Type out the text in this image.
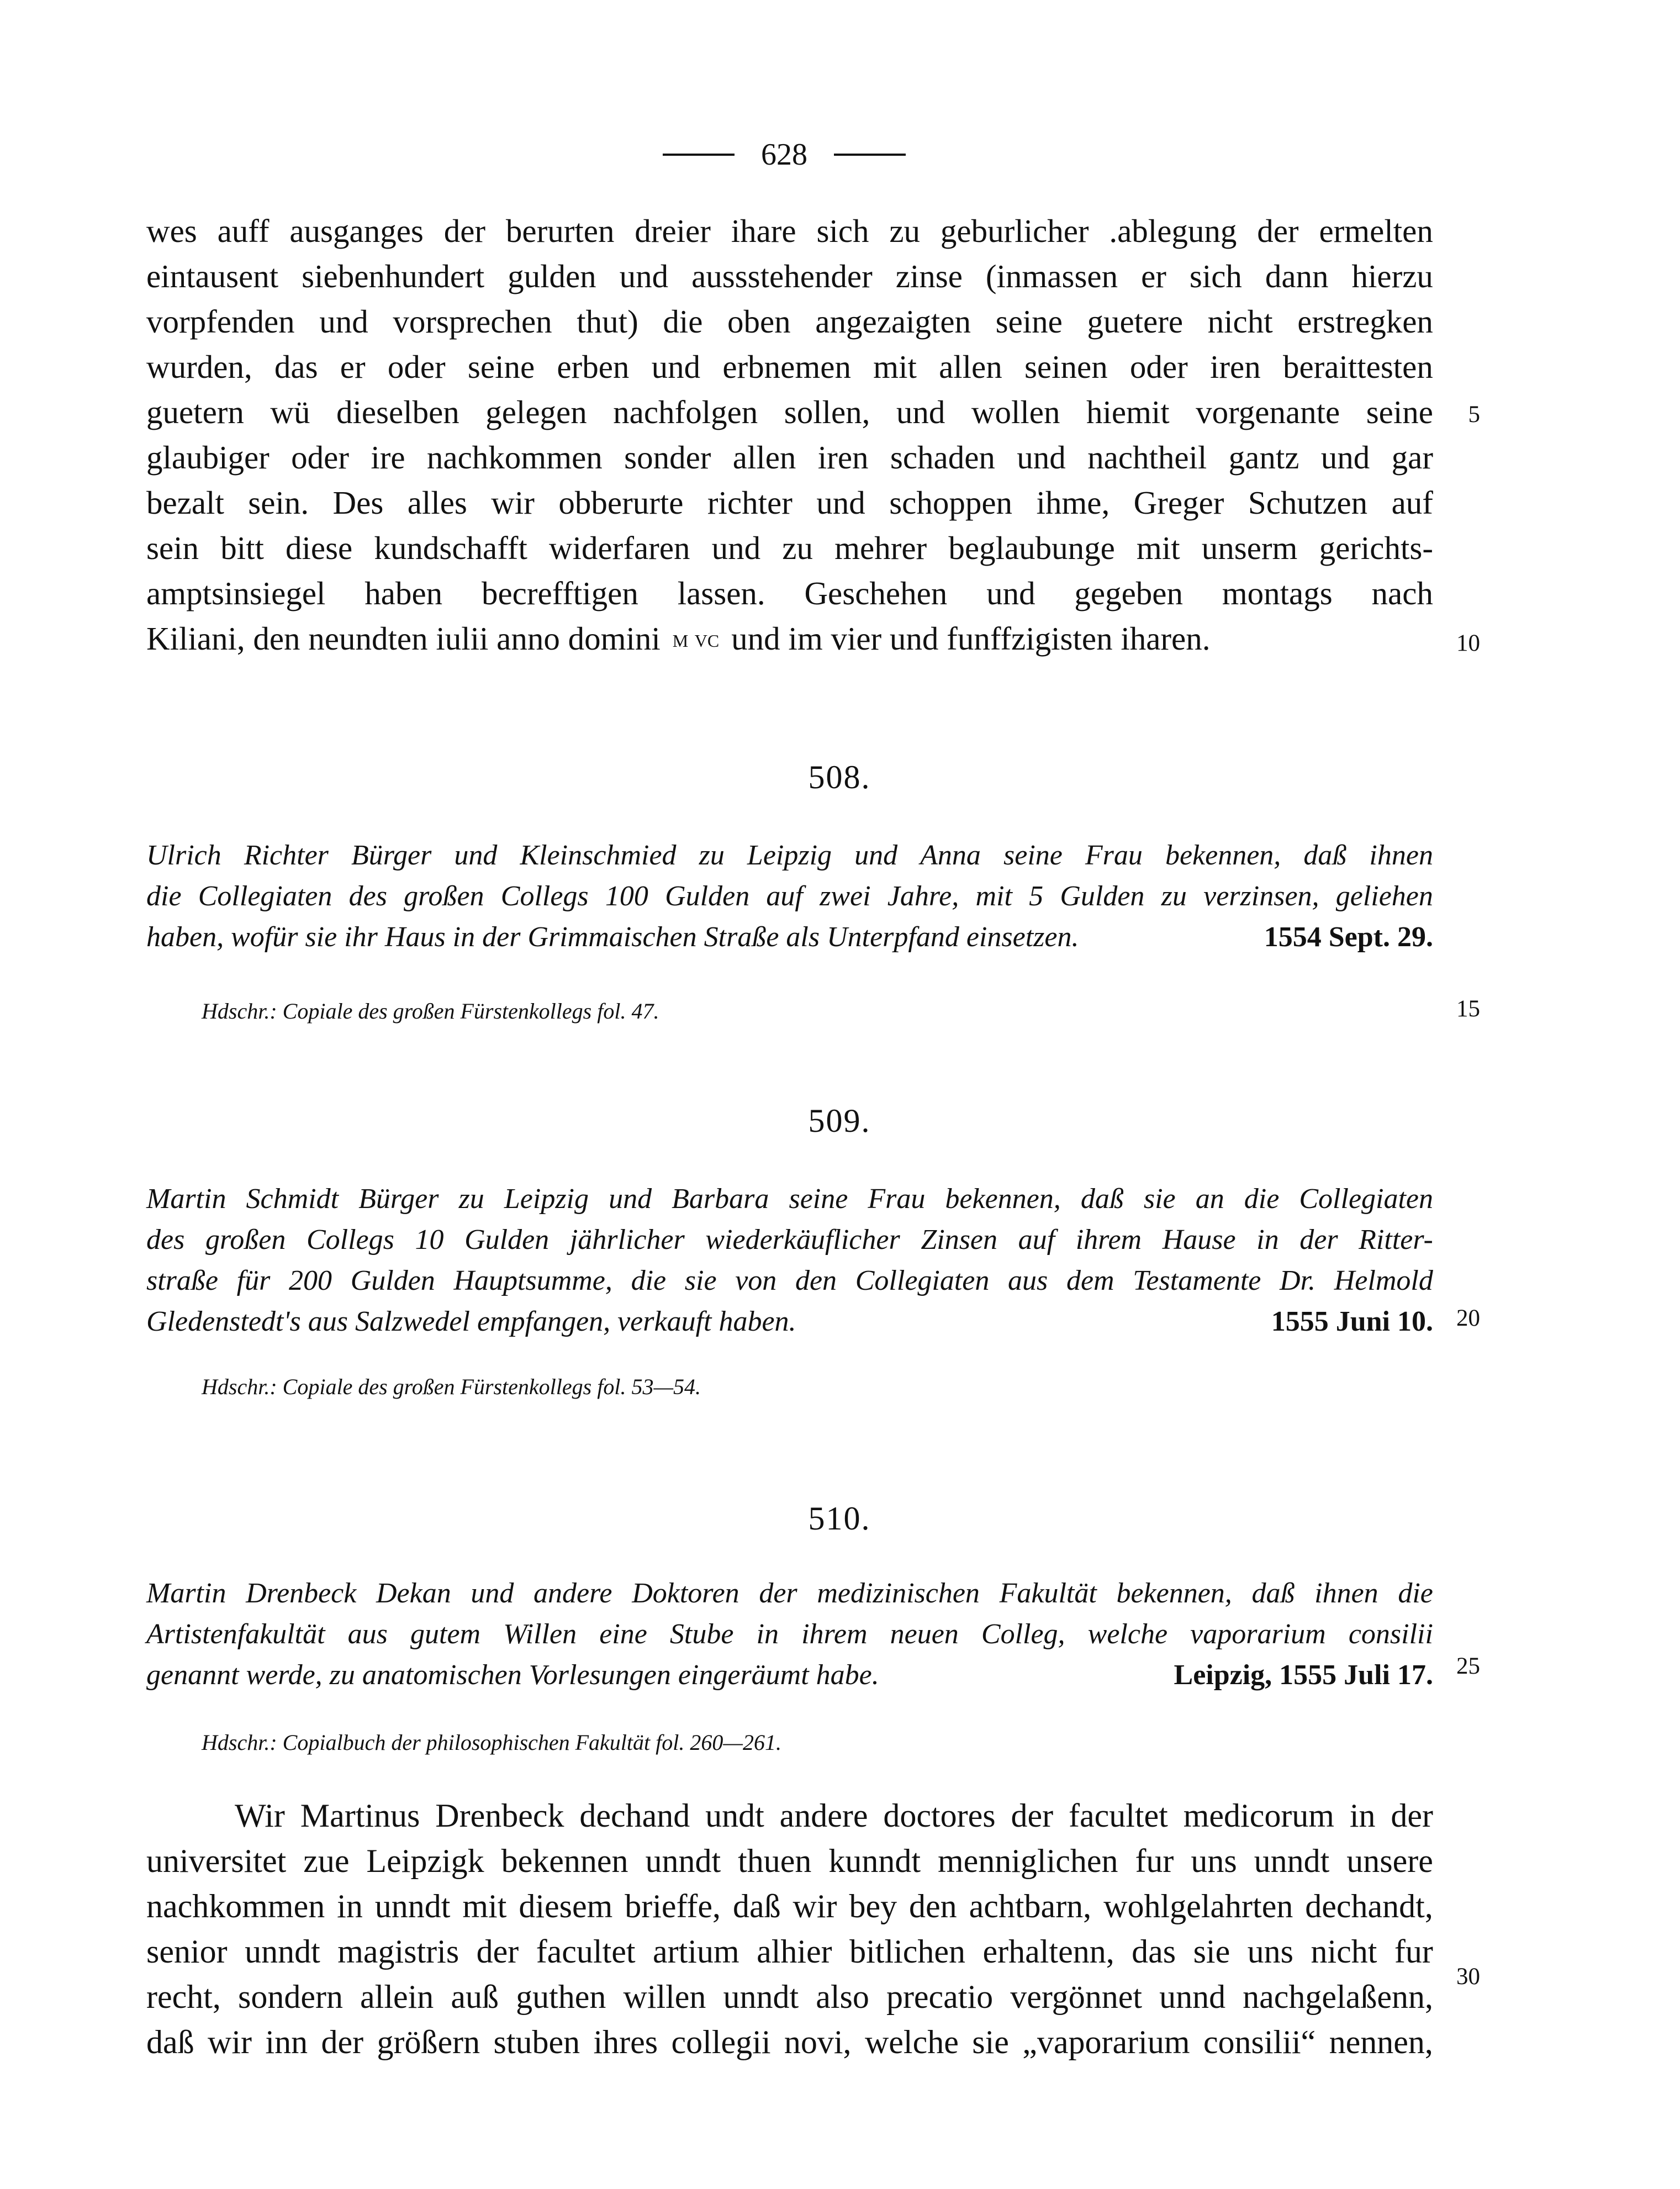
628
wes auff ausganges der berurten dreier ihare sich zu geburlicher .ablegung der ermelten
eintausent siebenhundert gulden und aussstehender zinse (inmassen er sich dann hierzu
vorpfenden und vorsprechen thut) die oben angezaigten seine guetere nicht erstregken
wurden, das er oder seine erben und erbnemen mit allen seinen oder iren beraittesten
guetern wü dieselben gelegen nachfolgen sollen, und wollen hiemit vorgenante seine
glaubiger oder ire nachkommen sonder allen iren schaden und nachtheil gantz und gar
bezalt sein. Des alles wir obberurte richter und schoppen ihme, Greger Schutzen auf
sein bitt diese kundschafft widerfaren und zu mehrer beglaubunge mit unserm gerichts-
amptsinsiegel haben becrefftigen lassen. Geschehen und gegeben montags nach
Kiliani, den neundten iulii anno domini m vc und im vier und funffzigisten iharen.
508.
Ulrich Richter Bürger und Kleinschmied zu Leipzig und Anna seine Frau bekennen, daß ihnen
die Collegiaten des großen Collegs 100 Gulden auf zwei Jahre, mit 5 Gulden zu verzinsen, geliehen
haben, wofür sie ihr Haus in der Grimmaischen Straße als Unterpfand einsetzen.	1554 Sept. 29.
Hdschr.: Copiale des großen Fürstenkollegs fol. 47.
509.
Martin Schmidt Bürger zu Leipzig und Barbara seine Frau bekennen, daß sie an die Collegiaten
des großen Collegs 10 Gulden jährlicher wiederkäuflicher Zinsen auf ihrem Hause in der Ritter-
straße für 200 Gulden Hauptsumme, die sie von den Collegiaten aus dem Testamente Dr. Helmold
Gledenstedt's aus Salzwedel empfangen, verkauft haben.	1555 Juni 10.
Hdschr.: Copiale des großen Fürstenkollegs fol. 53—54.
510.
Martin Drenbeck Dekan und andere Doktoren der medizinischen Fakultät bekennen, daß ihnen die
Artistenfakultät aus gutem Willen eine Stube in ihrem neuen Colleg, welche vaporarium consilii
genannt werde, zu anatomischen Vorlesungen eingeräumt habe.	Leipzig, 1555 Juli 17.
Hdschr.: Copialbuch der philosophischen Fakultät fol. 260—261.
Wir Martinus Drenbeck dechand undt andere doctores der facultet medicorum in der
universitet zue Leipzigk bekennen unndt thuen kunndt menniglichen fur uns unndt unsere
nachkommen in unndt mit diesem brieffe, daß wir bey den achtbarn, wohlgelahrten dechandt,
senior unndt magistris der facultet artium alhier bitlichen erhaltenn, das sie uns nicht fur
recht, sondern allein auß guthen willen unndt also precatio vergönnet unnd nachgelaßenn,
daß wir inn der größern stuben ihres collegii novi, welche sie „vaporarium consilii“ nennen,
5
10
15
20
25
30
